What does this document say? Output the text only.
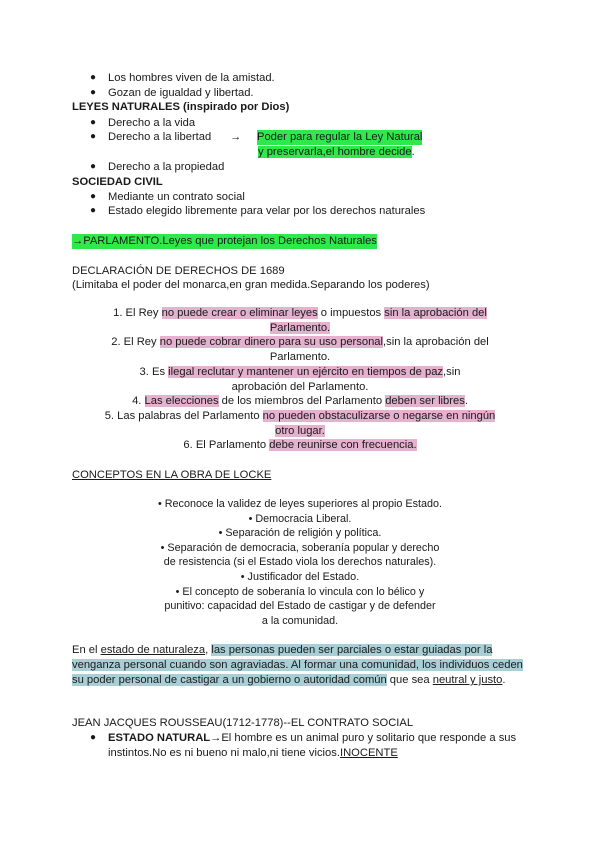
● Los hombres viven de la amistad.
● Gozan de igualdad y libertad.
LEYES NATURALES (inspirado por Dios)
● Derecho a la vida
● Derecho a la libertad → Poder para regular la Ley Natural
y preservarla,el hombre decide.
● Derecho a la propiedad
SOCIEDAD CIVIL
● Mediante un contrato social
● Estado elegido libremente para velar por los derechos naturales
→PARLAMENTO.Leyes que protejan los Derechos Naturales
DECLARACIÓN DE DERECHOS DE 1689
(Limitaba el poder del monarca,en gran medida.Separando los poderes)
1. El Rey no puede crear o eliminar leyes o impuestos sin la aprobación del
Parlamento.
2. El Rey no puede cobrar dinero para su uso personal,sin la aprobación del
Parlamento.
3. Es ilegal reclutar y mantener un ejército en tiempos de paz,sin
aprobación del Parlamento.
4. Las elecciones de los miembros del Parlamento deben ser libres.
5. Las palabras del Parlamento no pueden obstaculizarse o negarse en ningún
otro lugar.
6. El Parlamento debe reunirse con frecuencia.
CONCEPTOS EN LA OBRA DE LOCKE
• Reconoce la validez de leyes superiores al propio Estado.
• Democracia Liberal.
• Separación de religión y política.
• Separación de democracia, soberanía popular y derecho
de resistencia (si el Estado viola los derechos naturales).
• Justificador del Estado.
• El concepto de soberanía lo vincula con lo bélico y
punitivo: capacidad del Estado de castigar y de defender
a la comunidad.
En el estado de naturaleza, las personas pueden ser parciales o estar guiadas por la
venganza personal cuando son agraviadas. Al formar una comunidad, los individuos ceden
su poder personal de castigar a un gobierno o autoridad común que sea neutral y justo.
JEAN JACQUES ROUSSEAU(1712-1778)--EL CONTRATO SOCIAL
● ESTADO NATURAL→El hombre es un animal puro y solitario que responde a sus
instintos.No es ni bueno ni malo,ni tiene vicios.INOCENTE
